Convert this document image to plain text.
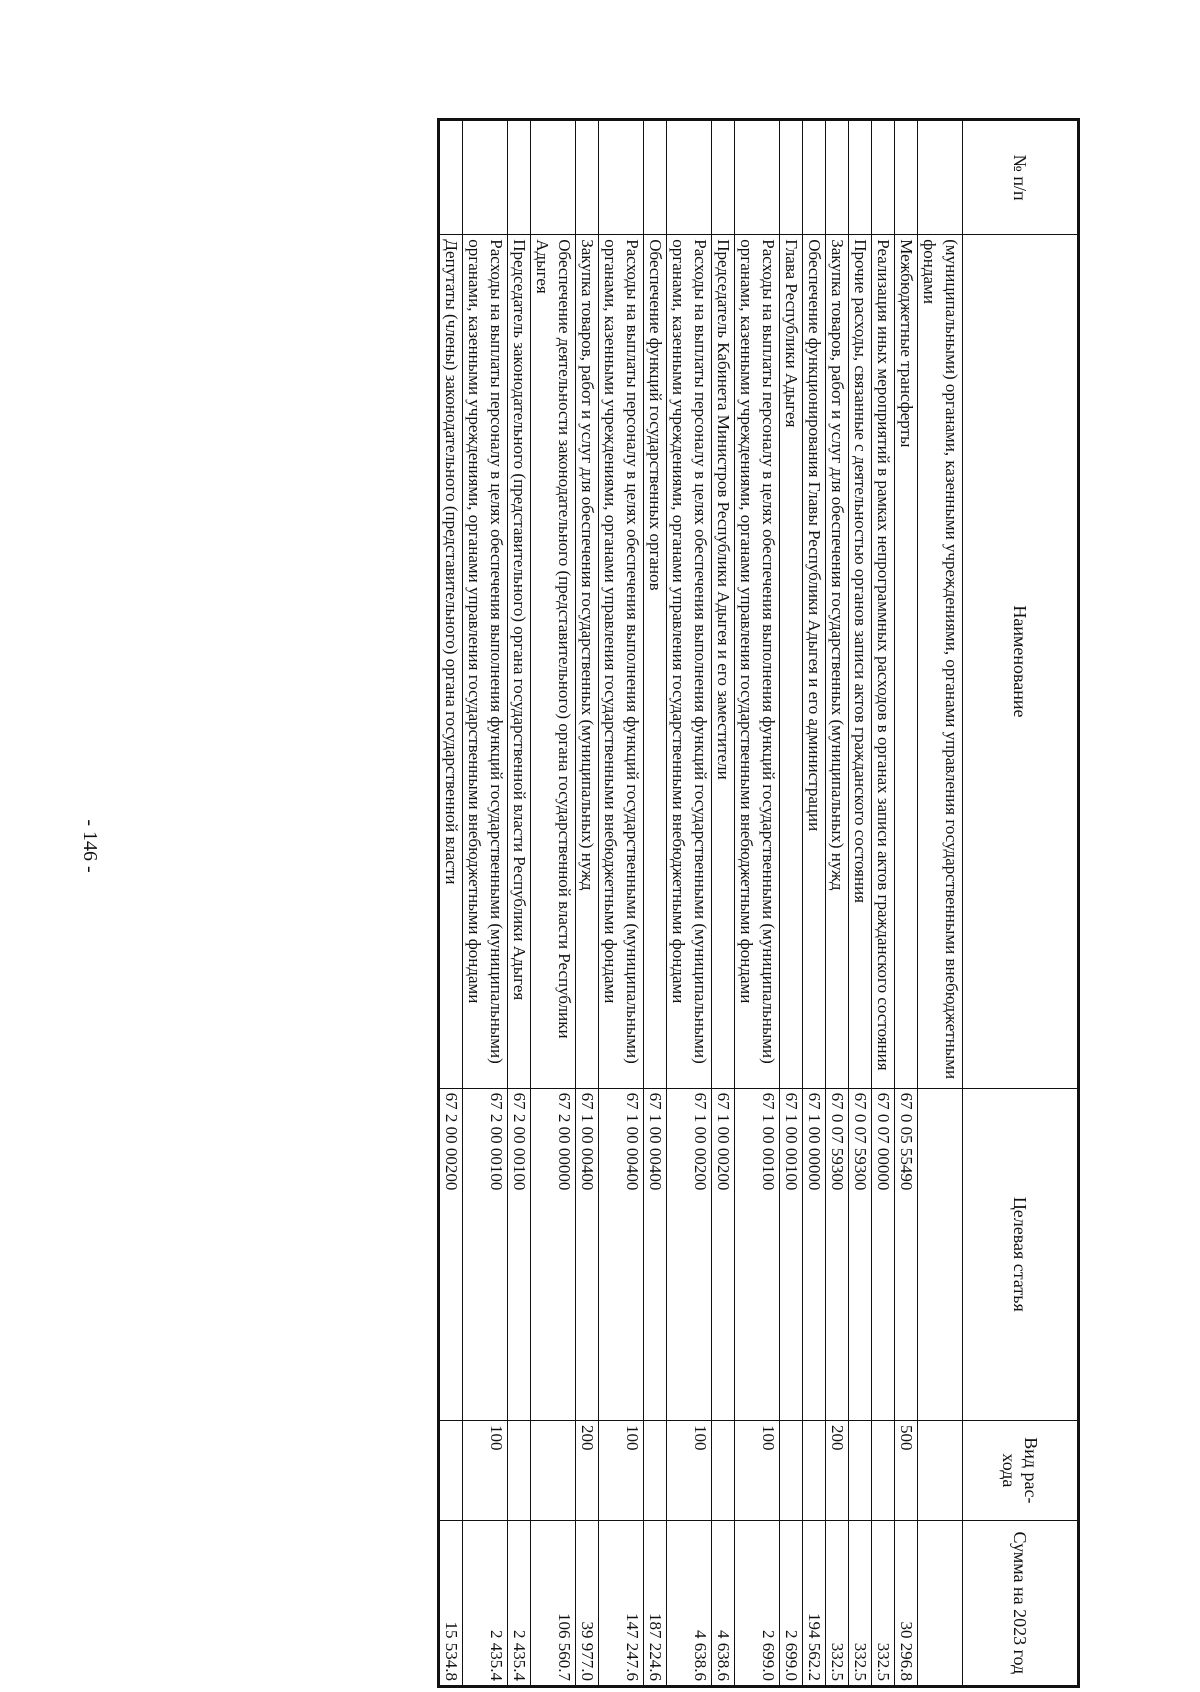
- 146 -
№ п/п	Наименование	Целевая статья	Вид рас-хода	Сумма на 2023 год
	(муниципальными) органами, казенными учреждениями, органами управления государственными внебюджетными фондами			
	Межбюджетные трансферты	67 0 05 55490	500	30 296.8
	Реализация иных мероприятий в рамках непрограммных расходов в органах записи актов гражданского состояния	67 0 07 00000		332.5
	Прочие расходы, связанные с деятельностью органов записи актов гражданского состояния	67 0 07 59300		332.5
	Закупка товаров, работ и услуг для обеспечения государственных (муниципальных) нужд	67 0 07 59300	200	332.5
	Обеспечение функционирования Главы Республики Адыгея и его администрации	67 1 00 00000		194 562.2
	Глава Республики Адыгея	67 1 00 00100		2 699.0
	Расходы на выплаты персоналу в целях обеспечения выполнения функций государственными (муниципальными) органами, казенными учреждениями, органами управления государственными внебюджетными фондами	67 1 00 00100	100	2 699.0
	Председатель Кабинета Министров Республики Адыгея и его заместители	67 1 00 00200		4 638.6
	Расходы на выплаты персоналу в целях обеспечения выполнения функций государственными (муниципальными) органами, казенными учреждениями, органами управления государственными внебюджетными фондами	67 1 00 00200	100	4 638.6
	Обеспечение функций государственных органов	67 1 00 00400		187 224.6
	Расходы на выплаты персоналу в целях обеспечения выполнения функций государственными (муниципальными) органами, казенными учреждениями, органами управления государственными внебюджетными фондами	67 1 00 00400	100	147 247.6
	Закупка товаров, работ и услуг для обеспечения государственных (муниципальных) нужд	67 1 00 00400	200	39 977.0
	Обеспечение деятельности законодательного (представительного) органа государственной власти Республики Адыгея	67 2 00 00000		106 560.7
	Председатель законодательного (представительного) органа государственной власти Республики Адыгея	67 2 00 00100		2 435.4
	Расходы на выплаты персоналу в целях обеспечения выполнения функций государственными (муниципальными) органами, казенными учреждениями, органами управления государственными внебюджетными фондами	67 2 00 00100	100	2 435.4
	Депутаты (члены) законодательного (представительного) органа государственной власти	67 2 00 00200		15 534.8
